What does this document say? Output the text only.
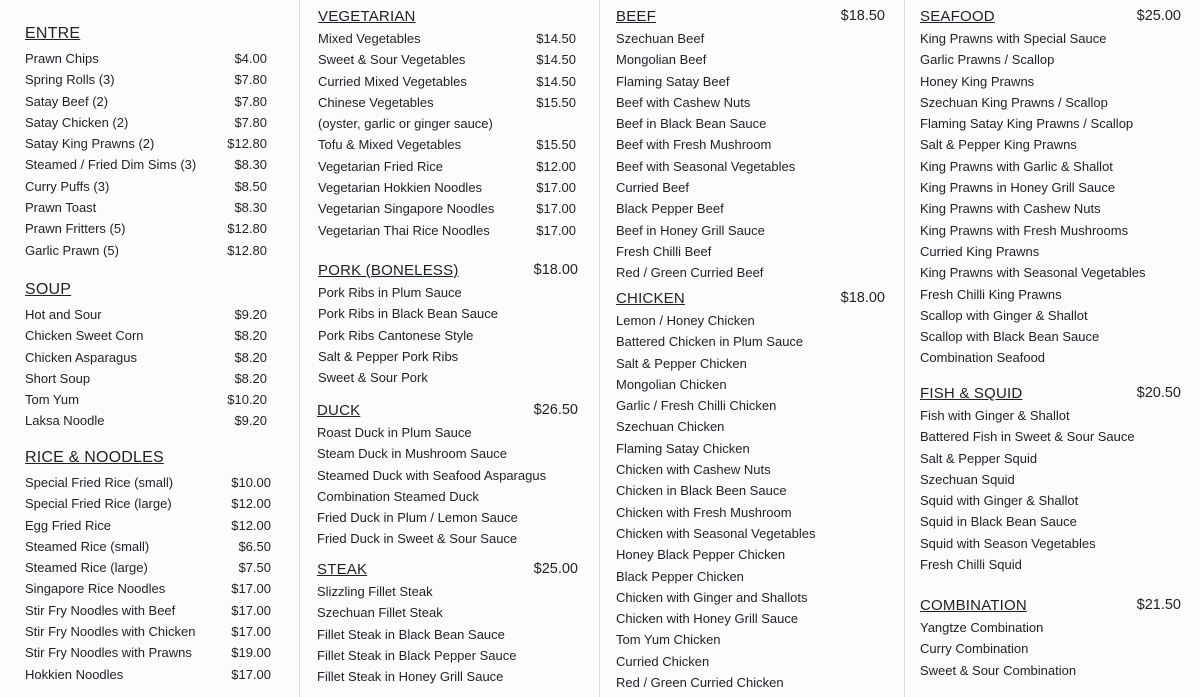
ENTRE
Prawn Chips	$4.00
Spring Rolls (3)	$7.80
Satay Beef (2)	$7.80
Satay Chicken (2)	$7.80
Satay King Prawns (2)	$12.80
Steamed / Fried Dim Sims (3)	$8.30
Curry Puffs (3)	$8.50
Prawn Toast	$8.30
Prawn Fritters (5)	$12.80
Garlic Prawn (5)	$12.80
SOUP
Hot and Sour	$9.20
Chicken Sweet Corn	$8.20
Chicken Asparagus	$8.20
Short Soup	$8.20
Tom Yum	$10.20
Laksa Noodle	$9.20
RICE & NOODLES
Special Fried Rice (small)	$10.00
Special Fried Rice (large)	$12.00
Egg Fried Rice	$12.00
Steamed Rice (small)	$6.50
Steamed Rice (large)	$7.50
Singapore Rice Noodles	$17.00
Stir Fry Noodles with Beef	$17.00
Stir Fry Noodles with Chicken	$17.00
Stir Fry Noodles with Prawns	$19.00
Hokkien Noodles	$17.00
VEGETARIAN
Mixed Vegetables	$14.50
Sweet & Sour Vegetables	$14.50
Curried Mixed Vegetables	$14.50
Chinese Vegetables	$15.50
(oyster, garlic or ginger sauce)
Tofu & Mixed Vegetables	$15.50
Vegetarian Fried Rice	$12.00
Vegetarian Hokkien Noodles	$17.00
Vegetarian Singapore Noodles	$17.00
Vegetarian Thai Rice Noodles	$17.00
PORK (BONELESS)	$18.00
Pork Ribs in Plum Sauce
Pork Ribs in Black Bean Sauce
Pork Ribs Cantonese Style
Salt & Pepper Pork Ribs
Sweet & Sour Pork
DUCK	$26.50
Roast Duck in Plum Sauce
Steam Duck in Mushroom Sauce
Steamed Duck with Seafood Asparagus
Combination Steamed Duck
Fried Duck in Plum / Lemon Sauce
Fried Duck in Sweet & Sour Sauce
STEAK	$25.00
Slizzling Fillet Steak
Szechuan Fillet Steak
Fillet Steak in Black Bean Sauce
Fillet Steak in Black Pepper Sauce
Fillet Steak in Honey Grill Sauce
BEEF	$18.50
Szechuan Beef
Mongolian Beef
Flaming Satay Beef
Beef with Cashew Nuts
Beef in Black Bean Sauce
Beef with Fresh Mushroom
Beef with Seasonal Vegetables
Curried Beef
Black Pepper Beef
Beef in Honey Grill Sauce
Fresh Chilli Beef
Red / Green Curried Beef
CHICKEN	$18.00
Lemon / Honey Chicken
Battered Chicken in Plum Sauce
Salt & Pepper Chicken
Mongolian Chicken
Garlic / Fresh Chilli Chicken
Szechuan Chicken
Flaming Satay Chicken
Chicken with Cashew Nuts
Chicken in Black Been Sauce
Chicken with Fresh Mushroom
Chicken with Seasonal Vegetables
Honey Black Pepper Chicken
Black Pepper Chicken
Chicken with Ginger and Shallots
Chicken with Honey Grill Sauce
Tom Yum Chicken
Curried Chicken
Red / Green Curried Chicken
SEAFOOD	$25.00
King Prawns with Special Sauce
Garlic Prawns / Scallop
Honey King Prawns
Szechuan King Prawns / Scallop
Flaming Satay King Prawns / Scallop
Salt & Pepper King Prawns
King Prawns with Garlic & Shallot
King Prawns in Honey Grill Sauce
King Prawns with Cashew Nuts
King Prawns with Fresh Mushrooms
Curried King Prawns
King Prawns with Seasonal Vegetables
Fresh Chilli King Prawns
Scallop with Ginger & Shallot
Scallop with Black Bean Sauce
Combination Seafood
FISH & SQUID	$20.50
Fish with Ginger & Shallot
Battered Fish in Sweet & Sour Sauce
Salt & Pepper Squid
Szechuan Squid
Squid with Ginger & Shallot
Squid in Black Bean Sauce
Squid with Season Vegetables
Fresh Chilli Squid
COMBINATION	$21.50
Yangtze Combination
Curry Combination
Sweet & Sour Combination
